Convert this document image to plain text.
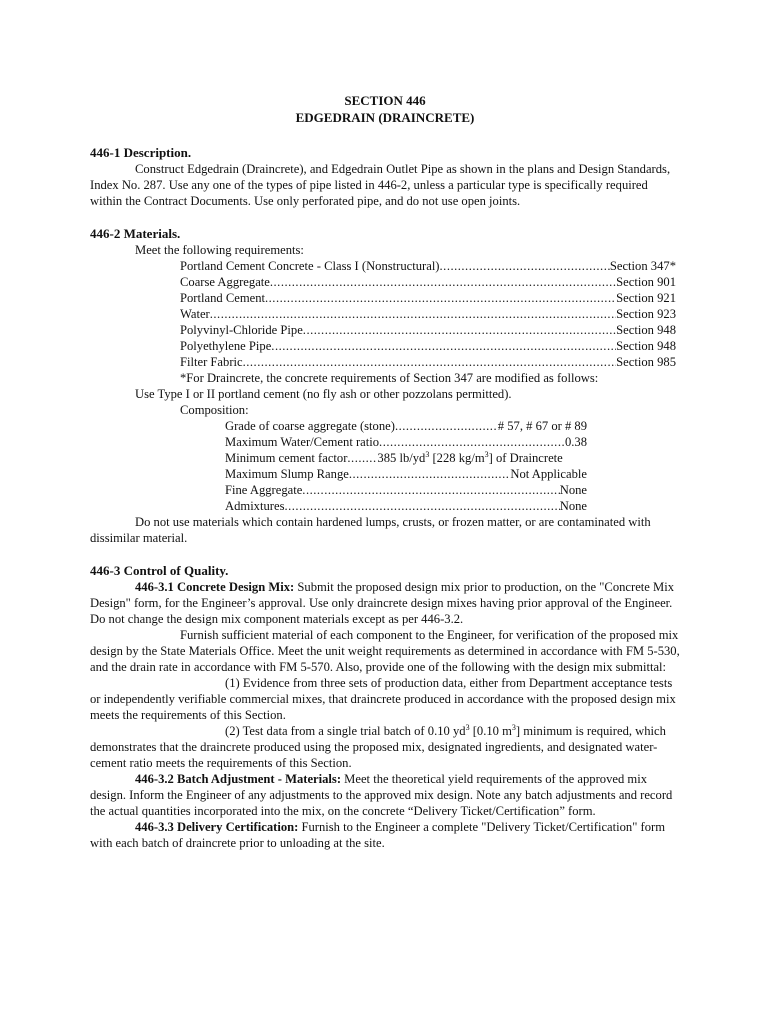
SECTION 446
EDGEDRAIN (DRAINCRETE)
446-1 Description.

Construct Edgedrain (Draincrete), and Edgedrain Outlet Pipe as shown in the plans and Design Standards, Index No. 287. Use any one of the types of pipe listed in 446-2, unless a particular type is specifically required within the Contract Documents. Use only perforated pipe, and do not use open joints.

446-2 Materials.

Meet the following requirements:

Portland Cement Concrete - Class I (Nonstructural) .....	Section 347*
Coarse Aggregate .....	Section 901
Portland Cement .....	Section 921
Water .....	Section 923
Polyvinyl-Chloride Pipe .....	Section 948
Polyethylene Pipe .....	Section 948
Filter Fabric .....	Section 985

*For Draincrete, the concrete requirements of Section 347 are modified as follows:

Use Type I or II portland cement (no fly ash or other pozzolans permitted).

Composition:

Grade of coarse aggregate (stone) .....	# 57, # 67 or # 89
Maximum Water/Cement ratio .....	0.38
Minimum cement factor ..... 385 $lb/yd^3$ [228 $kg/m^3$] of Draincrete
Maximum Slump Range .....	Not Applicable
Fine Aggregate .....	None
Admixtures .....	None

Do not use materials which contain hardened lumps, crusts, or frozen matter, or are contaminated with dissimilar material.

446-3 Control of Quality.

446-3.1 Concrete Design Mix: Submit the proposed design mix prior to production, on the "Concrete Mix Design" form, for the Engineer’s approval. Use only draincrete design mixes having prior approval of the Engineer. Do not change the design mix component materials except as per 446-3.2.

Furnish sufficient material of each component to the Engineer, for verification of the proposed mix design by the State Materials Office. Meet the unit weight requirements as determined in accordance with FM 5-530, and the drain rate in accordance with FM 5-570. Also, provide one of the following with the design mix submittal:

(1) Evidence from three sets of production data, either from Department acceptance tests or independently verifiable commercial mixes, that draincrete produced in accordance with the proposed design mix meets the requirements of this Section.

(2) Test data from a single trial batch of 0.10 $yd^3$ [0.10 $m^3$] minimum is required, which demonstrates that the draincrete produced using the proposed mix, designated ingredients, and designated water-cement ratio meets the requirements of this Section.

446-3.2 Batch Adjustment - Materials: Meet the theoretical yield requirements of the approved mix design. Inform the Engineer of any adjustments to the approved mix design. Note any batch adjustments and record the actual quantities incorporated into the mix, on the concrete “Delivery Ticket/Certification” form.

446-3.3 Delivery Certification: Furnish to the Engineer a complete "Delivery Ticket/Certification" form with each batch of draincrete prior to unloading at the site.
